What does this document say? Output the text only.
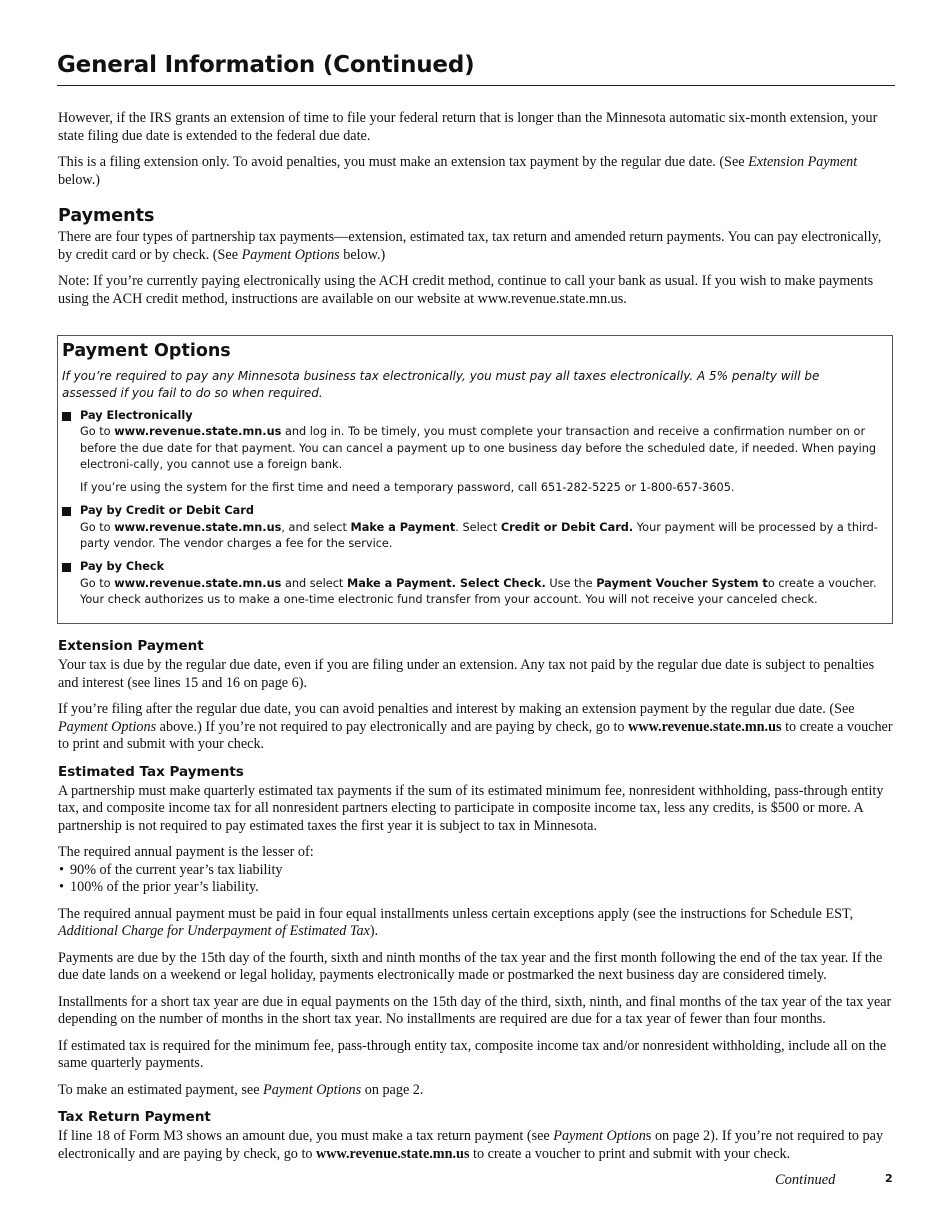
General Information (Continued)

However, if the IRS grants an extension of time to file your federal return that is longer than the Minnesota automatic six-month extension, your state filing due date is extended to the federal due date.

This is a filing extension only. To avoid penalties, you must make an extension tax payment by the regular due date. (See Extension Payment below.)

Payments

There are four types of partnership tax payments—extension, estimated tax, tax return and amended return payments. You can pay electronically, by credit card or by check. (See Payment Options below.)

Note: If you’re currently paying electronically using the ACH credit method, continue to call your bank as usual. If you wish to make payments using the ACH credit method, instructions are available on our website at www.revenue.state.mn.us.

Payment Options

If you’re required to pay any Minnesota business tax electronically, you must pay all taxes electronically. A 5% penalty will be assessed if you fail to do so when required.

Pay Electronically

Go to www.revenue.state.mn.us and log in. To be timely, you must complete your transaction and receive a confirmation number on or before the due date for that payment. You can cancel a payment up to one business day before the scheduled date, if needed. When paying electroni-cally, you cannot use a foreign bank.

If you’re using the system for the first time and need a temporary password, call 651-282-5225 or 1-800-657-3605.

Pay by Credit or Debit Card

Go to www.revenue.state.mn.us, and select Make a Payment. Select Credit or Debit Card. Your payment will be processed by a third-party vendor. The vendor charges a fee for the service.

Pay by Check

Go to www.revenue.state.mn.us and select Make a Payment. Select Check. Use the Payment Voucher System to create a voucher. Your check authorizes us to make a one-time electronic fund transfer from your account. You will not receive your canceled check.

Extension Payment

Your tax is due by the regular due date, even if you are filing under an extension. Any tax not paid by the regular due date is subject to penalties and interest (see lines 15 and 16 on page 6).

If you’re filing after the regular due date, you can avoid penalties and interest by making an extension payment by the regular due date. (See Payment Options above.) If you’re not required to pay electronically and are paying by check, go to www.revenue.state.mn.us to create a voucher to print and submit with your check.

Estimated Tax Payments

A partnership must make quarterly estimated tax payments if the sum of its estimated minimum fee, nonresident withholding, pass-through entity tax, and composite income tax for all nonresident partners electing to participate in composite income tax, less any credits, is $500 or more. A partnership is not required to pay estimated taxes the first year it is subject to tax in Minnesota.

The required annual payment is the lesser of:
• 90% of the current year’s tax liability
• 100% of the prior year’s liability.

The required annual payment must be paid in four equal installments unless certain exceptions apply (see the instructions for Schedule EST, Additional Charge for Underpayment of Estimated Tax).

Payments are due by the 15th day of the fourth, sixth and ninth months of the tax year and the first month following the end of the tax year. If the due date lands on a weekend or legal holiday, payments electronically made or postmarked the next business day are considered timely.

Installments for a short tax year are due in equal payments on the 15th day of the third, sixth, ninth, and final months of the tax year of the tax year depending on the number of months in the short tax year. No installments are required are due for a tax year of fewer than four months.

If estimated tax is required for the minimum fee, pass-through entity tax, composite income tax and/or nonresident withholding, include all on the same quarterly payments.

To make an estimated payment, see Payment Options on page 2.

Tax Return Payment

If line 18 of Form M3 shows an amount due, you must make a tax return payment (see Payment Options on page 2). If you’re not required to pay electronically and are paying by check, go to www.revenue.state.mn.us to create a voucher to print and submit with your check.

Continued	2
